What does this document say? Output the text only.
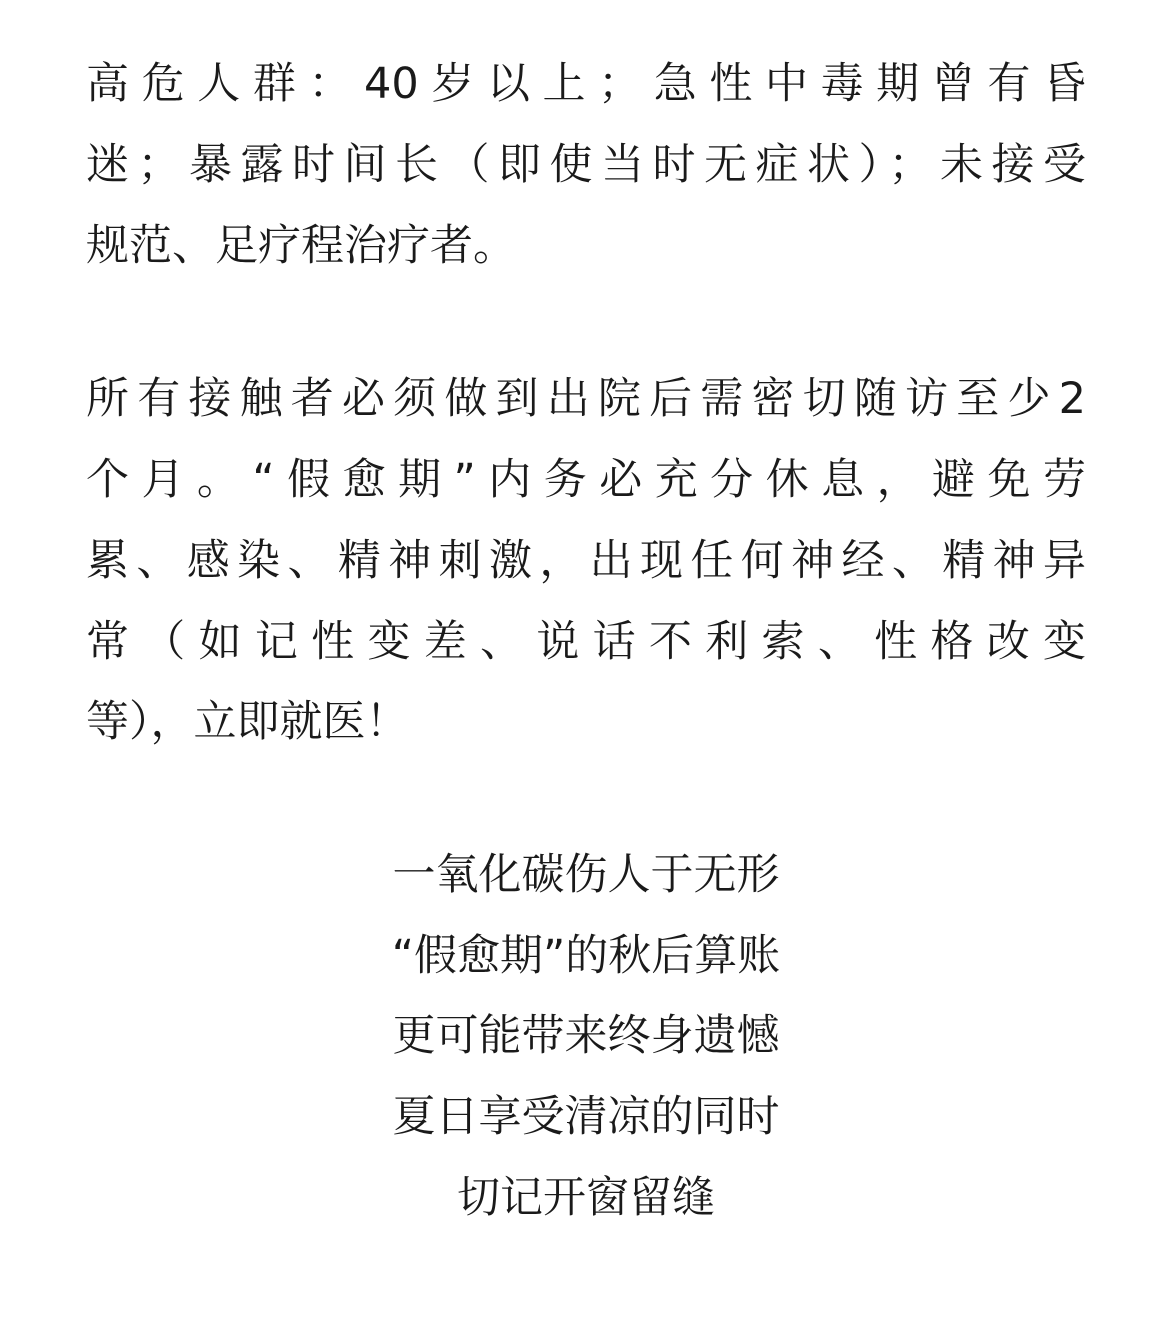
高危人群：40岁以上；急性中毒期曾有昏
迷；暴露时间长（即使当时无症状）；未接受
规范、足疗程治疗者。
所有接触者必须做到出院后需密切随访至少2
个月。“假愈期”内务必充分休息，避免劳
累、感染、精神刺激，出现任何神经、精神异
常（如记性变差、说话不利索、性格改变
等），立即就医！
一氧化碳伤人于无形
“假愈期”的秋后算账
更可能带来终身遗憾
夏日享受清凉的同时
切记开窗留缝
